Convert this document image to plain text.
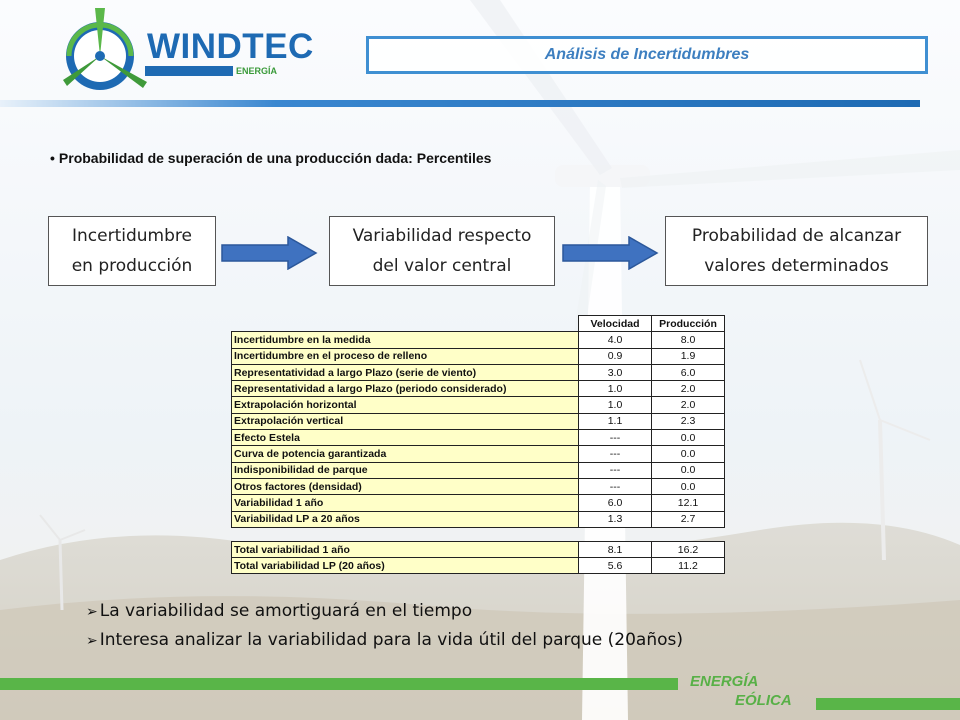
WINDTEC
ENERGÍA
Análisis de Incertidumbres
• Probabilidad de superación de una producción dada: Percentiles
Incertidumbre
en producción
Variabilidad respecto
del valor central
Probabilidad de alcanzar
valores determinados
	Velocidad	Producción
Incertidumbre en la medida	4.0	8.0
Incertidumbre en el proceso de relleno	0.9	1.9
Representatividad a largo Plazo (serie de viento)	3.0	6.0
Representatividad a largo Plazo (periodo considerado)	1.0	2.0
Extrapolación horizontal	1.0	2.0
Extrapolación vertical	1.1	2.3
Efecto Estela	---	0.0
Curva de potencia garantizada	---	0.0
Indisponibilidad de parque	---	0.0
Otros factores (densidad)	---	0.0
Variabilidad 1 año	6.0	12.1
Variabilidad LP a 20 años	1.3	2.7

Total variabilidad 1 año	8.1	16.2
Total variabilidad LP (20 años)	5.6	11.2
➢ La variabilidad se amortiguará en el tiempo
➢ Interesa analizar la variabilidad para la vida útil del parque (20años)
ENERGÍA
EÓLICA
